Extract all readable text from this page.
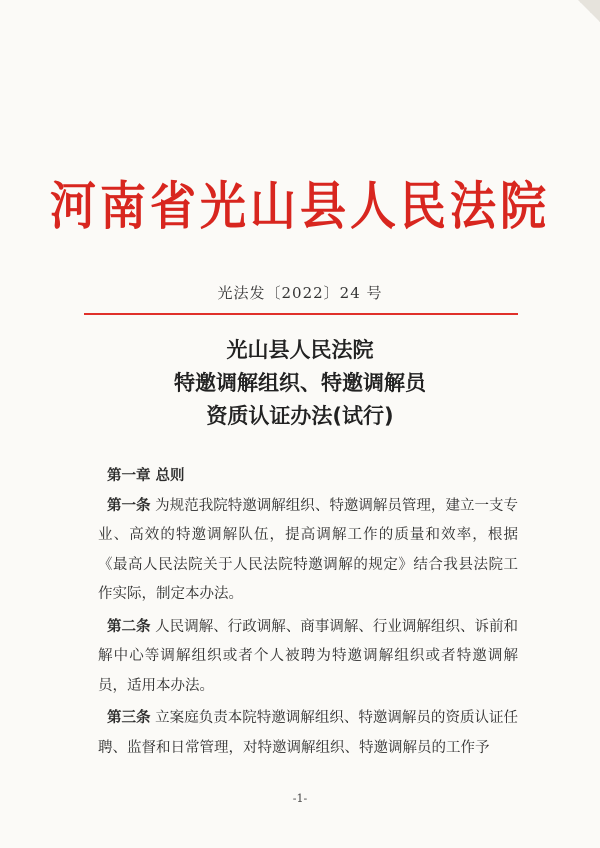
河南省光山县人民法院
光法发〔2022〕24 号
光山县人民法院
特邀调解组织、特邀调解员
资质认证办法(试行)
第一章 总则
第一条 为规范我院特邀调解组织、特邀调解员管理，建立一支专业、高效的特邀调解队伍，提高调解工作的质量和效率，根据《最高人民法院关于人民法院特邀调解的规定》结合我县法院工作实际，制定本办法。
第二条 人民调解、行政调解、商事调解、行业调解组织、诉前和解中心等调解组织或者个人被聘为特邀调解组织或者特邀调解员，适用本办法。
第三条 立案庭负责本院特邀调解组织、特邀调解员的资质认证任聘、监督和日常管理，对特邀调解组织、特邀调解员的工作予
-1-
